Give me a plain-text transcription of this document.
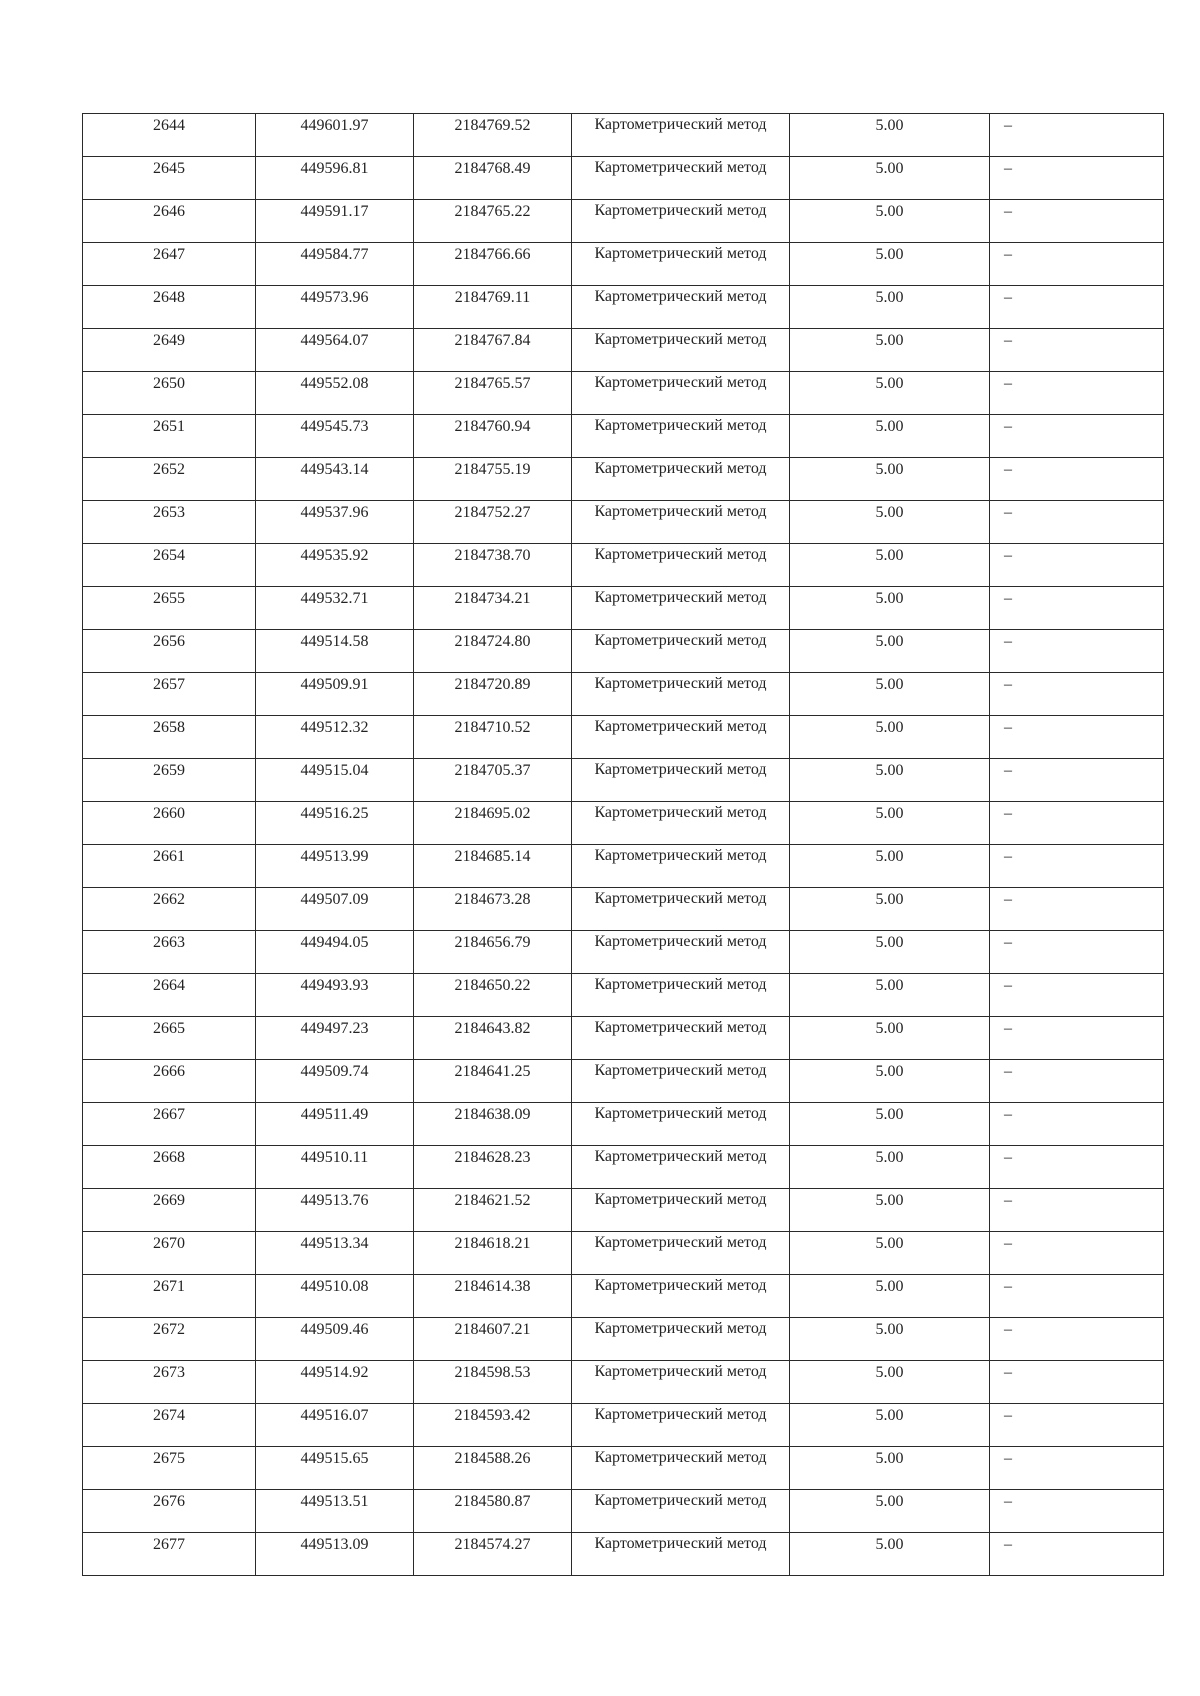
2644	449601.97	2184769.52	Картометрический метод	5.00	–

2645	449596.81	2184768.49	Картометрический метод	5.00	–

2646	449591.17	2184765.22	Картометрический метод	5.00	–

2647	449584.77	2184766.66	Картометрический метод	5.00	–

2648	449573.96	2184769.11	Картометрический метод	5.00	–

2649	449564.07	2184767.84	Картометрический метод	5.00	–

2650	449552.08	2184765.57	Картометрический метод	5.00	–

2651	449545.73	2184760.94	Картометрический метод	5.00	–

2652	449543.14	2184755.19	Картометрический метод	5.00	–

2653	449537.96	2184752.27	Картометрический метод	5.00	–

2654	449535.92	2184738.70	Картометрический метод	5.00	–

2655	449532.71	2184734.21	Картометрический метод	5.00	–

2656	449514.58	2184724.80	Картометрический метод	5.00	–

2657	449509.91	2184720.89	Картометрический метод	5.00	–

2658	449512.32	2184710.52	Картометрический метод	5.00	–

2659	449515.04	2184705.37	Картометрический метод	5.00	–

2660	449516.25	2184695.02	Картометрический метод	5.00	–

2661	449513.99	2184685.14	Картометрический метод	5.00	–

2662	449507.09	2184673.28	Картометрический метод	5.00	–

2663	449494.05	2184656.79	Картометрический метод	5.00	–

2664	449493.93	2184650.22	Картометрический метод	5.00	–

2665	449497.23	2184643.82	Картометрический метод	5.00	–

2666	449509.74	2184641.25	Картометрический метод	5.00	–

2667	449511.49	2184638.09	Картометрический метод	5.00	–

2668	449510.11	2184628.23	Картометрический метод	5.00	–

2669	449513.76	2184621.52	Картометрический метод	5.00	–

2670	449513.34	2184618.21	Картометрический метод	5.00	–

2671	449510.08	2184614.38	Картометрический метод	5.00	–

2672	449509.46	2184607.21	Картометрический метод	5.00	–

2673	449514.92	2184598.53	Картометрический метод	5.00	–

2674	449516.07	2184593.42	Картометрический метод	5.00	–

2675	449515.65	2184588.26	Картометрический метод	5.00	–

2676	449513.51	2184580.87	Картометрический метод	5.00	–

2677	449513.09	2184574.27	Картометрический метод	5.00	–
